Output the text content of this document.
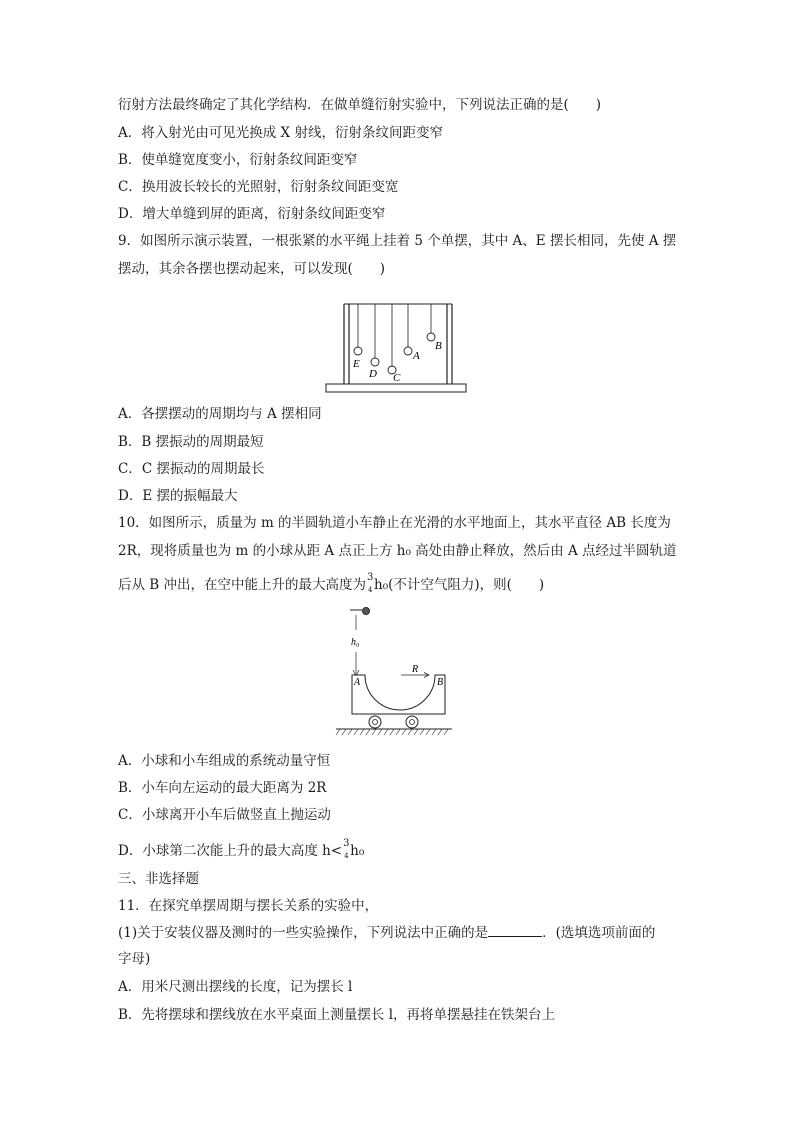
衍射方法最终确定了其化学结构．在做单缝衍射实验中，下列说法正确的是(　　)
A．将入射光由可见光换成 X 射线，衍射条纹间距变窄
B．使单缝宽度变小，衍射条纹间距变窄
C．换用波长较长的光照射，衍射条纹间距变宽
D．增大单缝到屏的距离，衍射条纹间距变窄
9．如图所示演示装置，一根张紧的水平绳上挂着 5 个单摆，其中 A、E 摆长相同，先使 A 摆
摆动，其余各摆也摆动起来，可以发现(　　)
E
D C
A
B
A．各摆摆动的周期均与 A 摆相同
B．B 摆振动的周期最短
C．C 摆振动的周期最长
D．E 摆的振幅最大
10．如图所示，质量为 m 的半圆轨道小车静止在光滑的水平地面上，其水平直径 AB 长度为
2R，现将质量也为 m 的小球从距 A 点正上方 h₀ 高处由静止释放，然后由 A 点经过半圆轨道
后从 B 冲出，在空中能上升的最大高度为 3
4 h₀(不计空气阻力)，则(　　)
h₀
R
A	B
A．小球和小车组成的系统动量守恒
B．小车向左运动的最大距离为 2R
C．小球离开小车后做竖直上抛运动
D．小球第二次能上升的最大高度 h< 3
4 h₀
三、非选择题
11．在探究单摆周期与摆长关系的实验中，
(1)关于安装仪器及测时的一些实验操作，下列说法中正确的是	．(选填选项前面的
字母)
A．用米尺测出摆线的长度，记为摆长 l
B．先将摆球和摆线放在水平桌面上测量摆长 l，再将单摆悬挂在铁架台上
